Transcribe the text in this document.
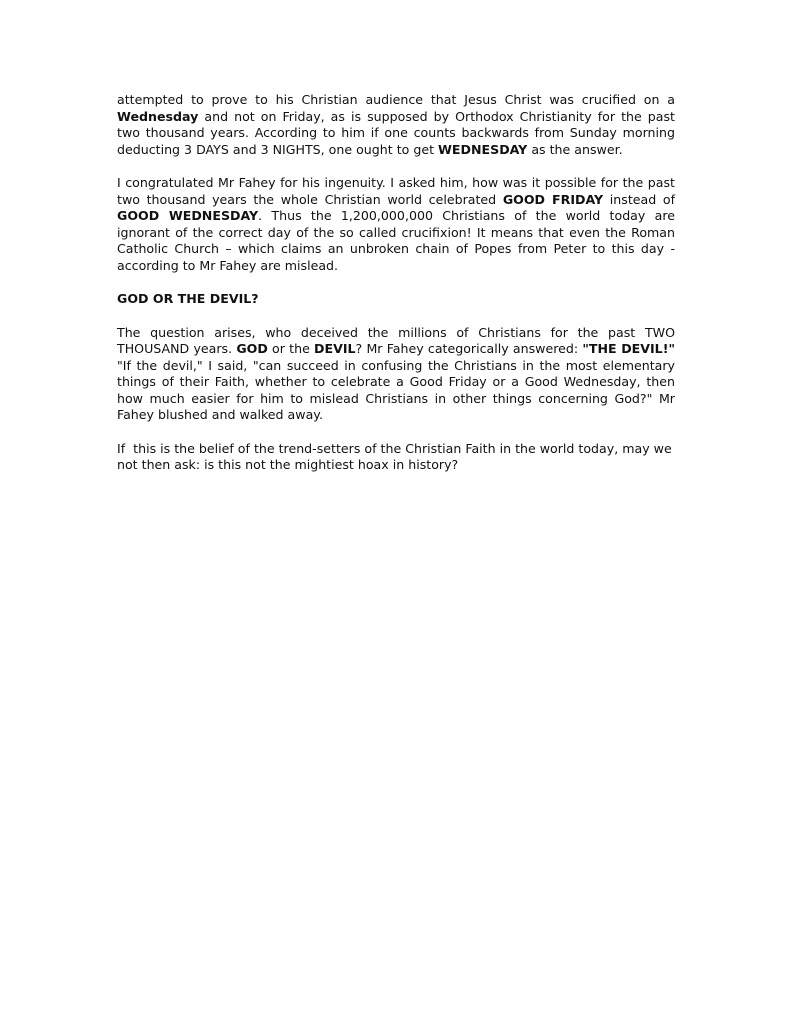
attempted to prove to his Christian audience that Jesus Christ was crucified on a Wednesday and not on Friday, as is supposed by Orthodox Christianity for the past two thousand years. According to him if one counts backwards from Sunday morning deducting 3 DAYS and 3 NIGHTS, one ought to get WEDNESDAY as the answer.

I congratulated Mr Fahey for his ingenuity. I asked him, how was it possible for the past two thousand years the whole Christian world celebrated GOOD FRIDAY instead of GOOD WEDNESDAY. Thus the 1,200,000,000 Christians of the world today are ignorant of the correct day of the so called crucifixion! It means that even the Roman Catholic Church – which claims an unbroken chain of Popes from Peter to this day - according to Mr Fahey are mislead.

GOD OR THE DEVIL?

The question arises, who deceived the millions of Christians for the past TWO THOUSAND years. GOD or the DEVIL? Mr Fahey categorically answered: "THE DEVIL!"   "If the devil," I said, "can succeed in confusing the Christians in the most elementary things of their Faith, whether to celebrate a Good Friday or a Good Wednesday, then how much easier for him to mislead Christians in other things concerning God?" Mr Fahey blushed and walked away.

If  this is the belief of the trend-setters of the Christian Faith in the world today, may we not then ask: is this not the mightiest hoax in history?
